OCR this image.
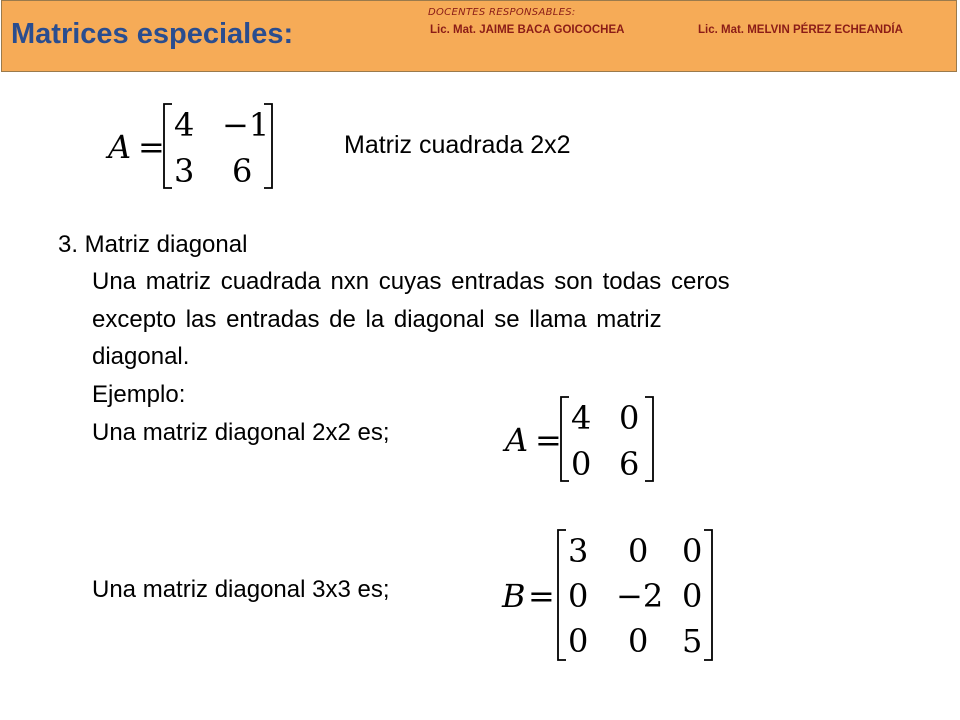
Matrices especiales:
DOCENTES RESPONSABLES:
Lic. Mat. JAIME BACA GOICOCHEA	Lic. Mat. MELVIN PÉREZ ECHEANDÍA
A =
4 −1
3 6
Matriz cuadrada 2x2
3. Matriz diagonal
Una matriz cuadrada nxn cuyas entradas son todas ceros
excepto las entradas de la diagonal se llama matriz
diagonal.
Ejemplo:
Una matriz diagonal 2x2 es;
Una matriz diagonal 3x3 es;
A =
4 0
0 6
B =
3 0 0
0 −2 0
0 0 5
